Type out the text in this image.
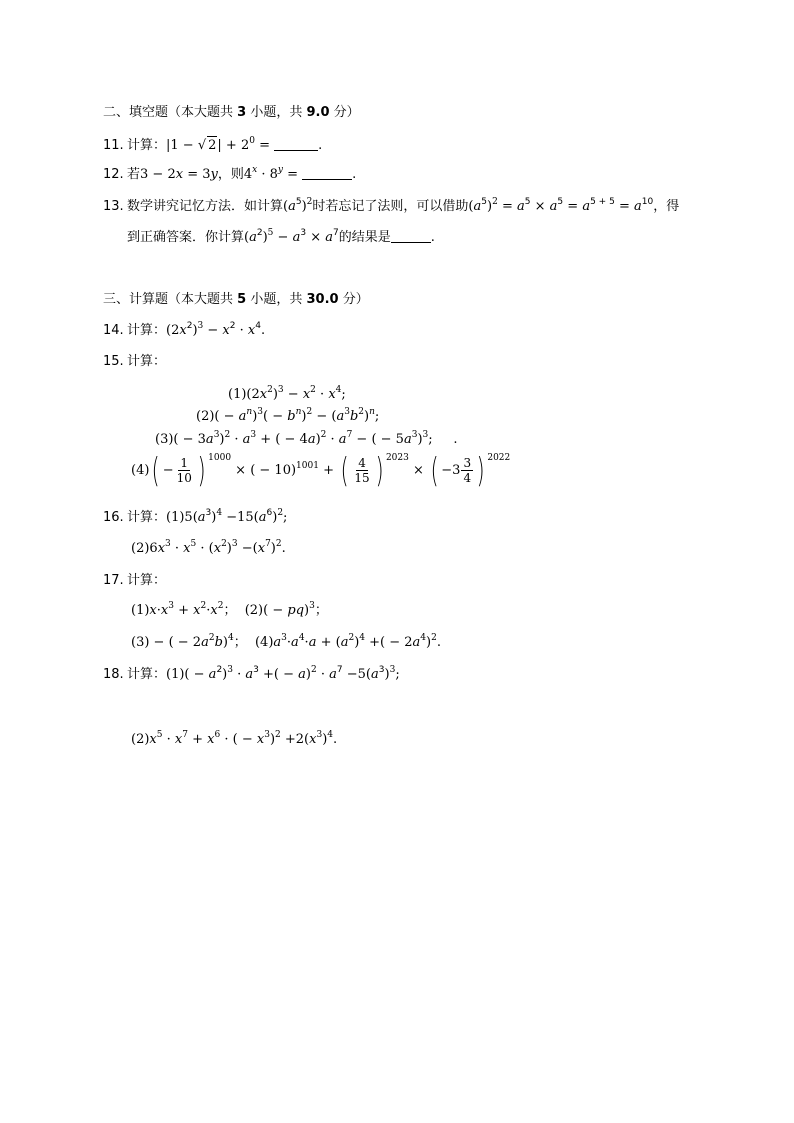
二、填空题（本大题共 3 小题，共 9.0 分）
11. 计算：|1 − √ $2| + 2^0$ =	.
12. 若3 − 2x = 3y，则$4^x \cdot 8^y$ =	.
13. 数学讲究记忆方法．如计算$(a^5)^2$时若忘记了法则，可以借助$(a^5)^2 = a^5 \times a^5 = a^{5 + 5} = a^{10}$，得
到正确答案．你计算$(a^2)^5 - a^3 \times a^7$的结果是	.
三、计算题（本大题共 5 小题，共 30.0 分）
14. 计算：$(2x^2)^3 - x^2 \cdot x^4$.
15. 计算：
$(1)(2x^2)^3 - x^2 \cdot x^4$;
$(2)( - a^n)^3( - b^n)^2 - (a^3b^2)^n$;
$(3)( - 3a^3)^2 \cdot a^3$ + ( − $4a)^2 \cdot a^7$ − ( − $5a^3)^3$;     .
$(4)( - \frac{1}{10}$ ) $^{1000}$ × ( − 10)$^{1001}$ + ( $\frac{4}{15}$ ) $^{2023}$ × ( $-3 \frac{3}{4}$ ) $^{2022}$
16. 计算：$(1)5(a^3)^4 -15(a^6)^2$;
$(2)6x^3 \cdot x^5 \cdot (x^2)^3 -(x^7)^2$.
17. 计算：
$(1)x\cdot x^3 + x^2\cdot x^2$；  (2)( − pq)$^3$；
(3) − ( − $2a^2b)^4$；  $(4)a^3\cdot a^4\cdot a + (a^2)^4$ +( − $2a^4)^2$.
18. 计算：$(1)( - a^2)^3 \cdot a^3$ +( − $a)^2 \cdot a^7 -5(a^3)^3$;
$(2)x^5 \cdot x^7 + x^6$ · ( − $x^3)^2 +2(x^3)^4$.
